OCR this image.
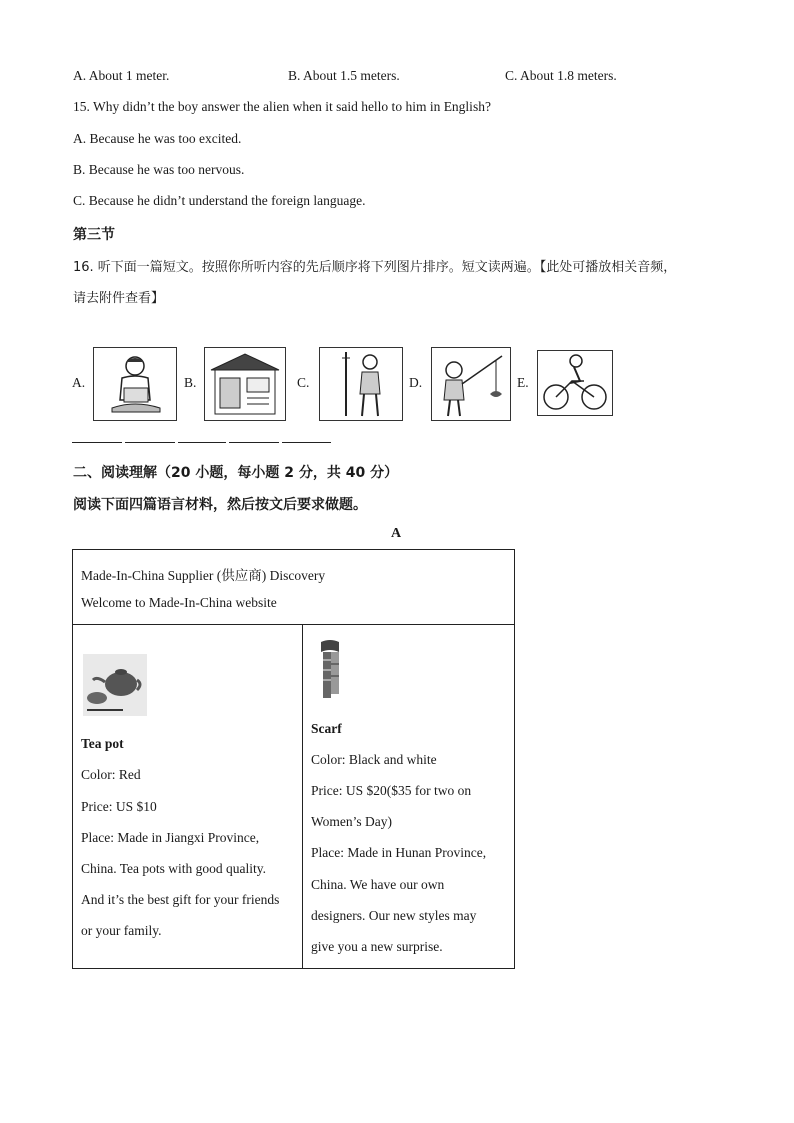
A. About 1 meter.	B. About 1.5 meters.	C. About 1.8 meters.
15. Why didn’t the boy answer the alien when it said hello to him in English?
A. Because he was too excited.
B. Because he was too nervous.
C. Because he didn’t understand the foreign language.
第三节
16. 听下面一篇短文。按照你所听内容的先后顺序将下列图片排序。短文读两遍。【此处可播放相关音频，
请去附件查看】
A.	B.	C.	D.	E.
二、阅读理解（20 小题，每小题 2 分，共 40 分）
阅读下面四篇语言材料，然后按文后要求做题。
A
Made-In-China Supplier (供应商) Discovery
Welcome to Made-In-China website
Tea pot
Color: Red
Price: US $10
Place: Made in Jiangxi Province,
China. Tea pots with good quality.
And it’s the best gift for your friends
or your family.
Scarf
Color: Black and white
Price: US $20($35 for two on
Women’s Day)
Place: Made in Hunan Province,
China. We have our own
designers. Our new styles may
give you a new surprise.
